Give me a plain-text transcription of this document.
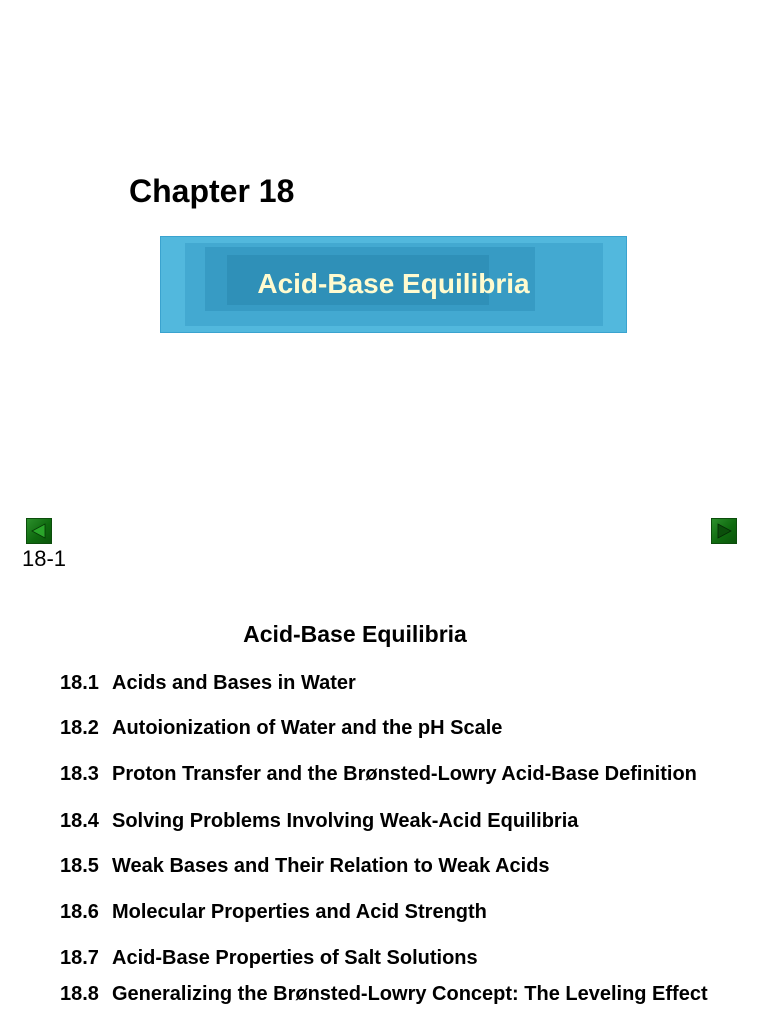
Chapter 18
Acid-Base Equilibria
18-1
Acid-Base Equilibria
18.1 Acids and Bases in Water
18.2 Autoionization of Water and the pH Scale
18.3 Proton Transfer and the Brønsted-Lowry Acid-Base Definition
18.4 Solving Problems Involving Weak-Acid Equilibria
18.5 Weak Bases and Their Relation to Weak Acids
18.6 Molecular Properties and Acid Strength
18.7 Acid-Base Properties of Salt Solutions
18.8 Generalizing the Brønsted-Lowry Concept: The Leveling Effect
